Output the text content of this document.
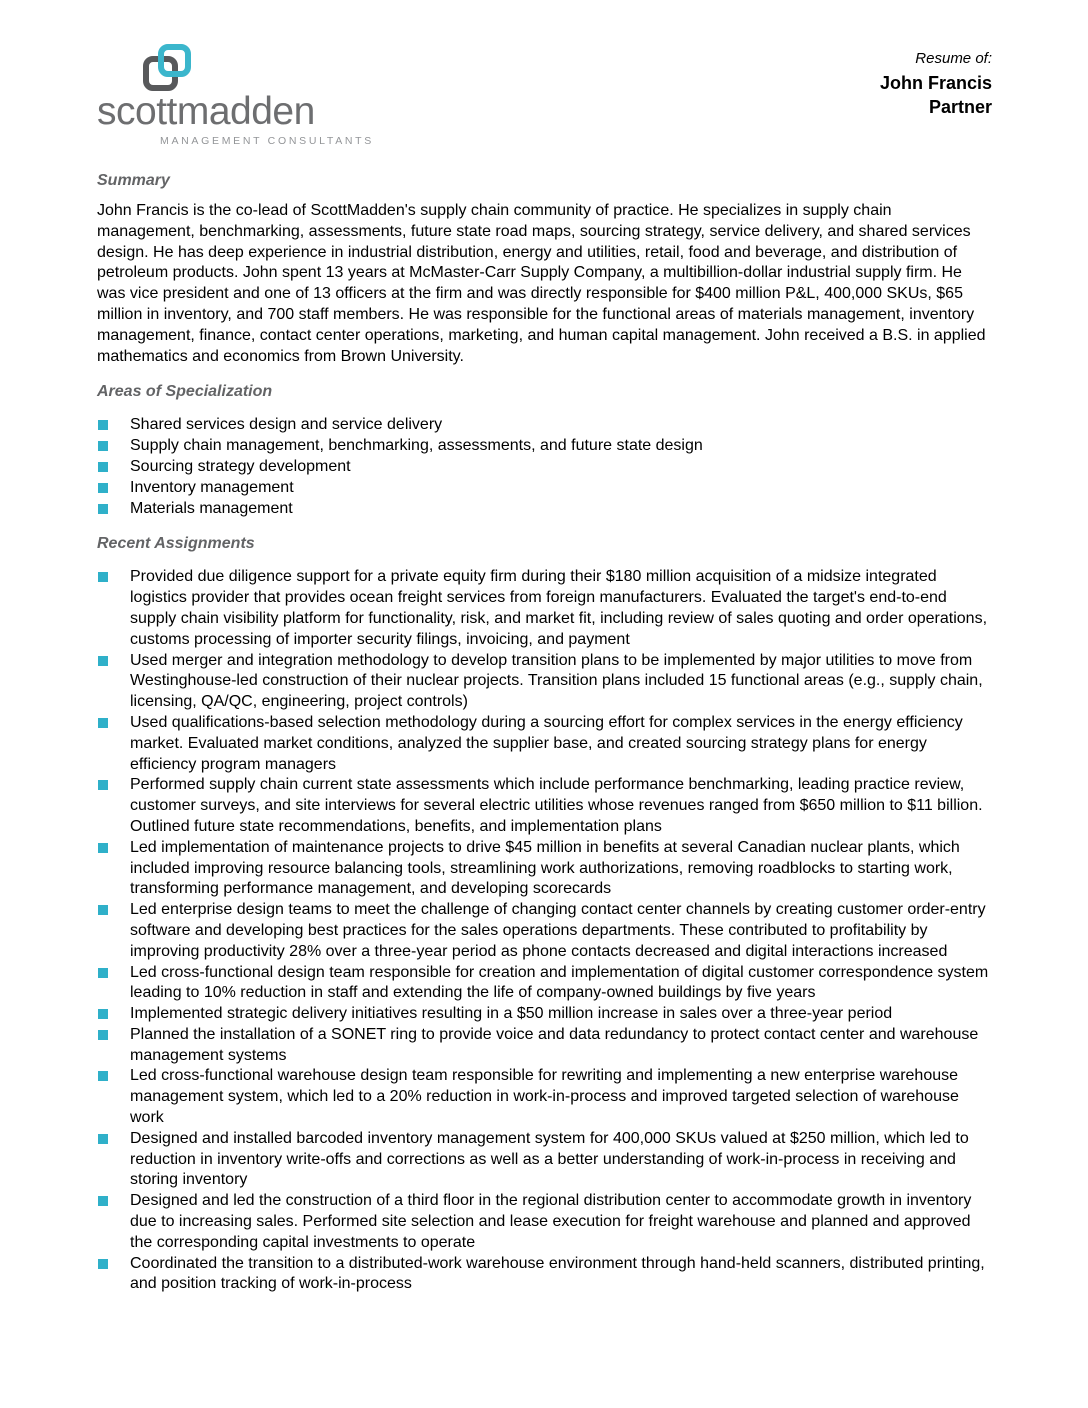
scottmadden
MANAGEMENT CONSULTANTS
Resume of:
John Francis
Partner
Summary

John Francis is the co-lead of ScottMadden's supply chain community of practice. He specializes in supply chain management, benchmarking, assessments, future state road maps, sourcing strategy, service delivery, and shared services design. He has deep experience in industrial distribution, energy and utilities, retail, food and beverage, and distribution of petroleum products. John spent 13 years at McMaster-Carr Supply Company, a multibillion-dollar industrial supply firm. He was vice president and one of 13 officers at the firm and was directly responsible for $400 million P&L, 400,000 SKUs, $65 million in inventory, and 700 staff members. He was responsible for the functional areas of materials management, inventory management, finance, contact center operations, marketing, and human capital management. John received a B.S. in applied mathematics and economics from Brown University.

Areas of Specialization
Shared services design and service delivery
Supply chain management, benchmarking, assessments, and future state design
Sourcing strategy development
Inventory management
Materials management
Recent Assignments
Provided due diligence support for a private equity firm during their $180 million acquisition of a midsize integrated logistics provider that provides ocean freight services from foreign manufacturers. Evaluated the target's end-to-end supply chain visibility platform for functionality, risk, and market fit, including review of sales quoting and order operations, customs processing of importer security filings, invoicing, and payment
Used merger and integration methodology to develop transition plans to be implemented by major utilities to move from Westinghouse-led construction of their nuclear projects. Transition plans included 15 functional areas (e.g., supply chain, licensing, QA/QC, engineering, project controls)
Used qualifications-based selection methodology during a sourcing effort for complex services in the energy efficiency market. Evaluated market conditions, analyzed the supplier base, and created sourcing strategy plans for energy efficiency program managers
Performed supply chain current state assessments which include performance benchmarking, leading practice review, customer surveys, and site interviews for several electric utilities whose revenues ranged from $650 million to $11 billion. Outlined future state recommendations, benefits, and implementation plans
Led implementation of maintenance projects to drive $45 million in benefits at several Canadian nuclear plants, which included improving resource balancing tools, streamlining work authorizations, removing roadblocks to starting work, transforming performance management, and developing scorecards
Led enterprise design teams to meet the challenge of changing contact center channels by creating customer order-entry software and developing best practices for the sales operations departments. These contributed to profitability by improving productivity 28% over a three-year period as phone contacts decreased and digital interactions increased
Led cross-functional design team responsible for creation and implementation of digital customer correspondence system leading to 10% reduction in staff and extending the life of company-owned buildings by five years
Implemented strategic delivery initiatives resulting in a $50 million increase in sales over a three-year period
Planned the installation of a SONET ring to provide voice and data redundancy to protect contact center and warehouse management systems
Led cross-functional warehouse design team responsible for rewriting and implementing a new enterprise warehouse management system, which led to a 20% reduction in work-in-process and improved targeted selection of warehouse work
Designed and installed barcoded inventory management system for 400,000 SKUs valued at $250 million, which led to reduction in inventory write-offs and corrections as well as a better understanding of work-in-process in receiving and storing inventory
Designed and led the construction of a third floor in the regional distribution center to accommodate growth in inventory due to increasing sales. Performed site selection and lease execution for freight warehouse and planned and approved the corresponding capital investments to operate
Coordinated the transition to a distributed-work warehouse environment through hand-held scanners, distributed printing, and position tracking of work-in-process
